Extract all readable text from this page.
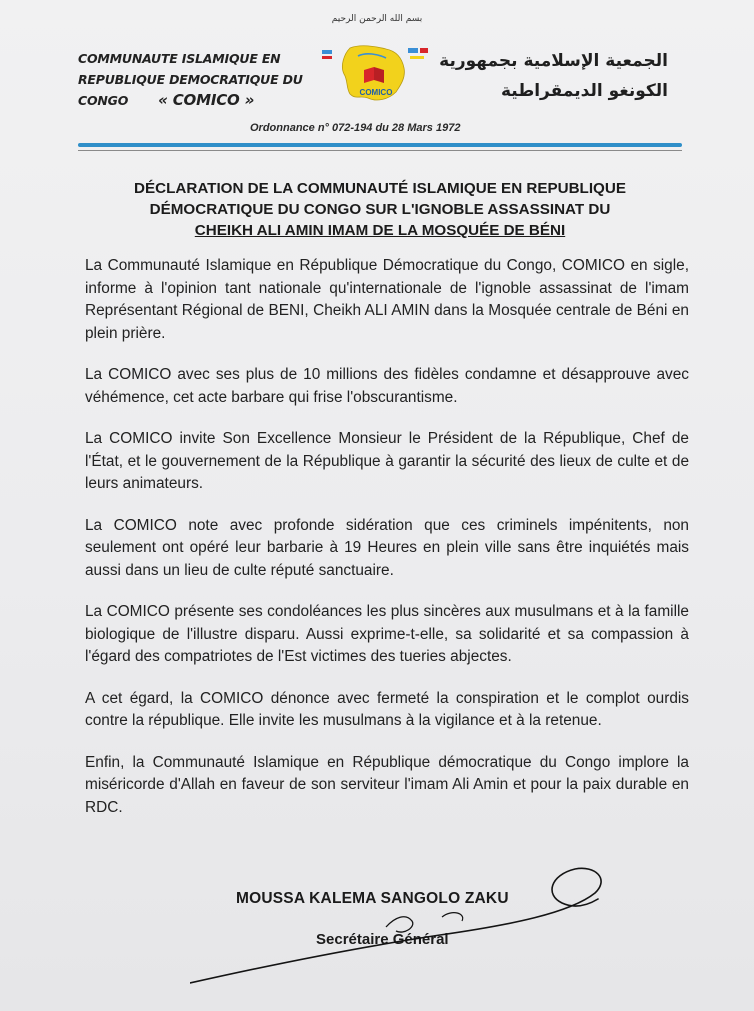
بسم الله الرحمن الرحيم
COMMUNAUTE ISLAMIQUE EN
REPUBLIQUE DEMOCRATIQUE DU
CONGO « COMICO »	COMICO
الجمعية الإسلامية بجمهورية
الكونغو الديمقراطية
Ordonnance n° 072-194 du 28 Mars 1972
DÉCLARATION DE LA COMMUNAUTÉ ISLAMIQUE EN REPUBLIQUE
DÉMOCRATIQUE DU CONGO SUR L'IGNOBLE ASSASSINAT DU
CHEIKH ALI AMIN IMAM DE LA MOSQUÉE DE BÉNI

La Communauté Islamique en République Démocratique du Congo, COMICO en sigle, informe à l'opinion tant nationale qu'internationale de l'ignoble assassinat de l'imam Représentant Régional de BENI, Cheikh ALI AMIN dans la Mosquée centrale de Béni en plein prière.

La COMICO avec ses plus de 10 millions des fidèles condamne et désapprouve avec véhémence, cet acte barbare qui frise l'obscurantisme.

La COMICO invite Son Excellence Monsieur le Président de la République, Chef de l'État, et le gouvernement de la République à garantir la sécurité des lieux de culte et de leurs animateurs.

La COMICO note avec profonde sidération que ces criminels impénitents, non seulement ont opéré leur barbarie à 19 Heures en plein ville sans être inquiétés mais aussi dans un lieu de culte réputé sanctuaire.

La COMICO présente ses condoléances les plus sincères aux musulmans et à la famille biologique de l'illustre disparu. Aussi exprime-t-elle, sa solidarité et sa compassion à l'égard des compatriotes de l'Est victimes des tueries abjectes.

A cet égard, la COMICO dénonce avec fermeté la conspiration et le complot ourdis contre la république. Elle invite les musulmans à la vigilance et à la retenue.

Enfin, la Communauté Islamique en République démocratique du Congo implore la miséricorde d'Allah en faveur de son serviteur l'imam Ali Amin et pour la paix durable en RDC.

MOUSSA KALEMA SANGOLO ZAKU
Secrétaire Général
